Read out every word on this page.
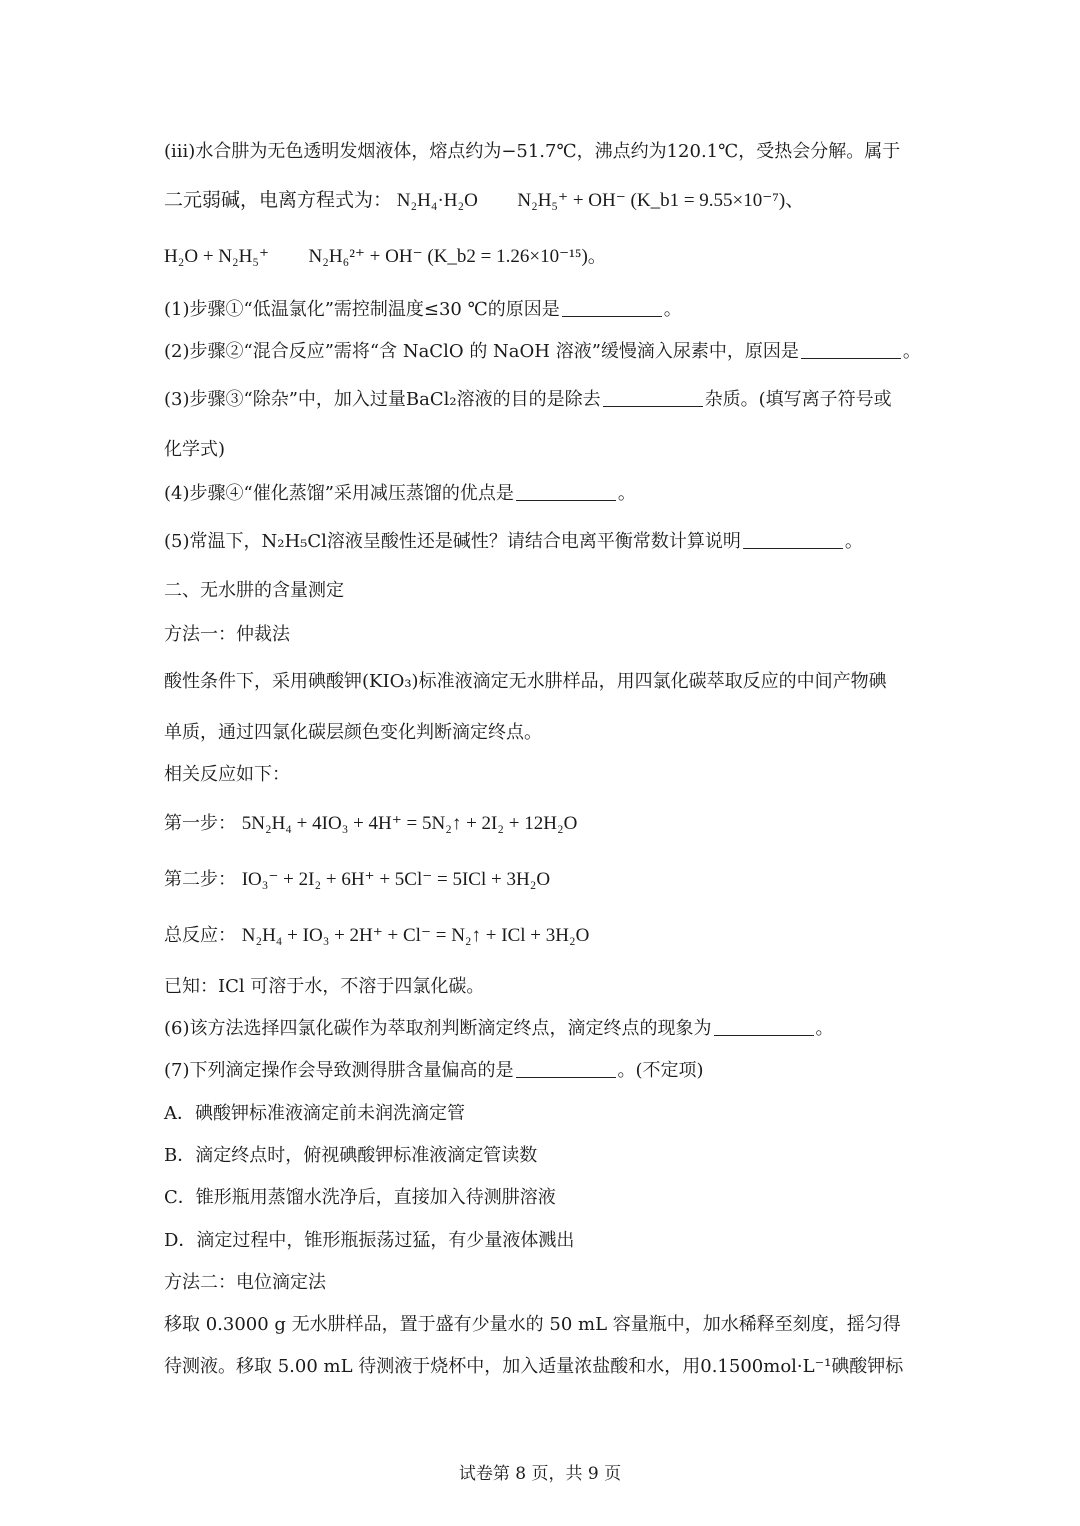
(iii)水合肼为无色透明发烟液体，熔点约为−51.7℃，沸点约为120.1℃，受热会分解。属于
二元弱碱，电离方程式为： N₂H₄·H₂O N₂H₅⁺ + OH⁻ (K_b1 = 9.55×10⁻⁷)、
H₂O + N₂H₅⁺ N₂H₆²⁺ + OH⁻ (K_b2 = 1.26×10⁻¹⁵)。
(1)步骤①“低温氯化”需控制温度≤30 ℃的原因是	。
(2)步骤②“混合反应”需将“含 NaClO 的 NaOH 溶液”缓慢滴入尿素中，原因是	。
(3)步骤③“除杂”中，加入过量BaCl₂溶液的目的是除去	杂质。(填写离子符号或
化学式)
(4)步骤④“催化蒸馏”采用减压蒸馏的优点是	。
(5)常温下，N₂H₅Cl溶液呈酸性还是碱性？请结合电离平衡常数计算说明	。
二、无水肼的含量测定
方法一：仲裁法
酸性条件下，采用碘酸钾(KIO₃)标准液滴定无水肼样品，用四氯化碳萃取反应的中间产物碘
单质，通过四氯化碳层颜色变化判断滴定终点。
相关反应如下：
第一步： 5N₂H₄ + 4IO₃ + 4H⁺ = 5N₂↑ + 2I₂ + 12H₂O
第二步： IO₃⁻ + 2I₂ + 6H⁺ + 5Cl⁻ = 5ICl + 3H₂O
总反应： N₂H₄ + IO₃ + 2H⁺ + Cl⁻ = N₂↑ + ICl + 3H₂O
已知：ICl 可溶于水，不溶于四氯化碳。
(6)该方法选择四氯化碳作为萃取剂判断滴定终点，滴定终点的现象为	。
(7)下列滴定操作会导致测得肼含量偏高的是	。(不定项)
A．碘酸钾标准液滴定前未润洗滴定管
B．滴定终点时，俯视碘酸钾标准液滴定管读数
C．锥形瓶用蒸馏水洗净后，直接加入待测肼溶液
D．滴定过程中，锥形瓶振荡过猛，有少量液体溅出
方法二：电位滴定法
移取 0.3000 g 无水肼样品，置于盛有少量水的 50 mL 容量瓶中，加水稀释至刻度，摇匀得
待测液。移取 5.00 mL 待测液于烧杯中，加入适量浓盐酸和水，用0.1500mol·L⁻¹碘酸钾标
试卷第 8 页，共 9 页
